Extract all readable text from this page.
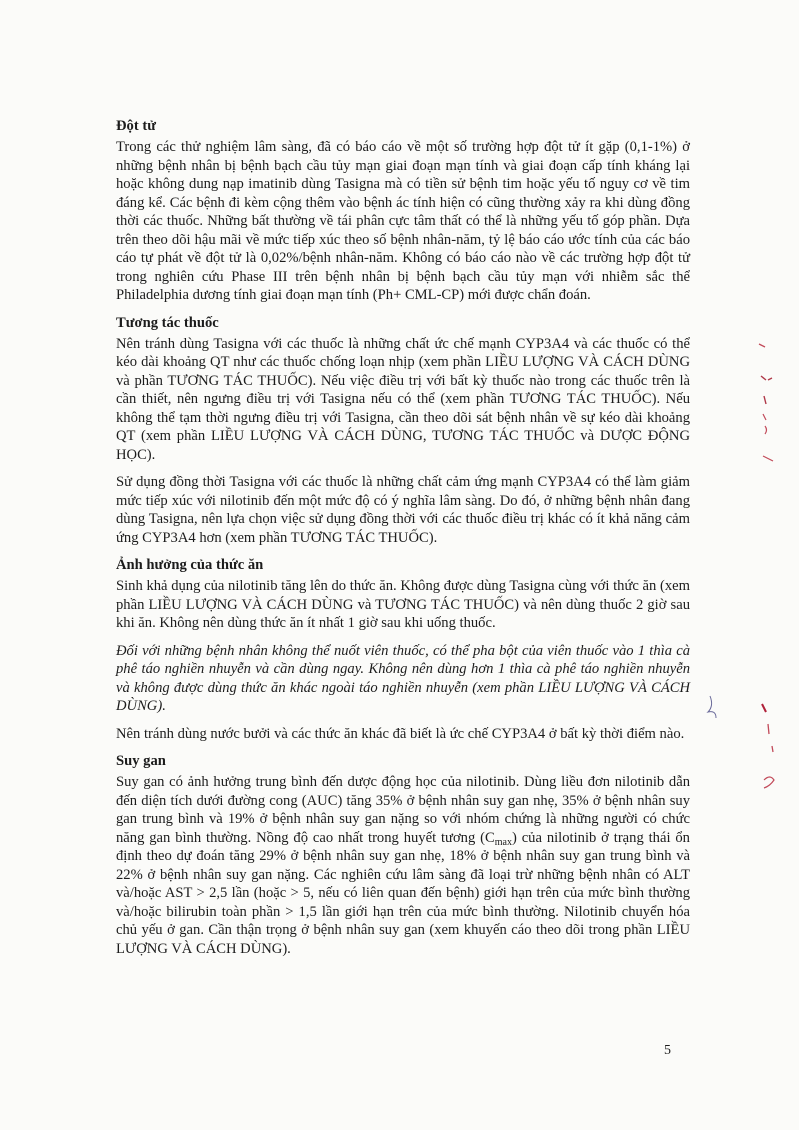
Đột tử

Trong các thử nghiệm lâm sàng, đã có báo cáo về một số trường hợp đột tử ít gặp (0,1-1%) ở những bệnh nhân bị bệnh bạch cầu tủy mạn giai đoạn mạn tính và giai đoạn cấp tính kháng lại hoặc không dung nạp imatinib dùng Tasigna mà có tiền sử bệnh tim hoặc yếu tố nguy cơ về tim đáng kể. Các bệnh đi kèm cộng thêm vào bệnh ác tính hiện có cũng thường xảy ra khi dùng đồng thời các thuốc. Những bất thường về tái phân cực tâm thất có thể là những yếu tố góp phần. Dựa trên theo dõi hậu mãi về mức tiếp xúc theo số bệnh nhân-năm, tỷ lệ báo cáo ước tính của các báo cáo tự phát về đột tử là 0,02%/bệnh nhân-năm. Không có báo cáo nào về các trường hợp đột tử trong nghiên cứu Phase III trên bệnh nhân bị bệnh bạch cầu tủy mạn với nhiễm sắc thể Philadelphia dương tính giai đoạn mạn tính (Ph+ CML-CP) mới được chẩn đoán.

Tương tác thuốc

Nên tránh dùng Tasigna với các thuốc là những chất ức chế mạnh CYP3A4 và các thuốc có thể kéo dài khoảng QT như các thuốc chống loạn nhịp (xem phần LIỀU LƯỢNG VÀ CÁCH DÙNG và phần TƯƠNG TÁC THUỐC). Nếu việc điều trị với bất kỳ thuốc nào trong các thuốc trên là cần thiết, nên ngưng điều trị với Tasigna nếu có thể (xem phần TƯƠNG TÁC THUỐC). Nếu không thể tạm thời ngưng điều trị với Tasigna, cần theo dõi sát bệnh nhân về sự kéo dài khoảng QT (xem phần LIỀU LƯỢNG VÀ CÁCH DÙNG, TƯƠNG TÁC THUỐC và DƯỢC ĐỘNG HỌC).

Sử dụng đồng thời Tasigna với các thuốc là những chất cảm ứng mạnh CYP3A4 có thể làm giảm mức tiếp xúc với nilotinib đến một mức độ có ý nghĩa lâm sàng. Do đó, ở những bệnh nhân đang dùng Tasigna, nên lựa chọn việc sử dụng đồng thời với các thuốc điều trị khác có ít khả năng cảm ứng CYP3A4 hơn (xem phần TƯƠNG TÁC THUỐC).

Ảnh hưởng của thức ăn

Sinh khả dụng của nilotinib tăng lên do thức ăn. Không được dùng Tasigna cùng với thức ăn (xem phần LIỀU LƯỢNG VÀ CÁCH DÙNG và TƯƠNG TÁC THUỐC) và nên dùng thuốc 2 giờ sau khi ăn. Không nên dùng thức ăn ít nhất 1 giờ sau khi uống thuốc.

Đối với những bệnh nhân không thể nuốt viên thuốc, có thể pha bột của viên thuốc vào 1 thìa cà phê táo nghiền nhuyễn và cần dùng ngay. Không nên dùng hơn 1 thìa cà phê táo nghiền nhuyễn và không được dùng thức ăn khác ngoài táo nghiền nhuyễn (xem phần LIỀU LƯỢNG VÀ CÁCH DÙNG).

Nên tránh dùng nước bưởi và các thức ăn khác đã biết là ức chế CYP3A4 ở bất kỳ thời điểm nào.

Suy gan

Suy gan có ảnh hưởng trung bình đến dược động học của nilotinib. Dùng liều đơn nilotinib dẫn đến diện tích dưới đường cong (AUC) tăng 35% ở bệnh nhân suy gan nhẹ, 35% ở bệnh nhân suy gan trung bình và 19% ở bệnh nhân suy gan nặng so với nhóm chứng là những người có chức năng gan bình thường. Nồng độ cao nhất trong huyết tương $(C_{max})$ của nilotinib ở trạng thái ổn định theo dự đoán tăng 29% ở bệnh nhân suy gan nhẹ, 18% ở bệnh nhân suy gan trung bình và 22% ở bệnh nhân suy gan nặng. Các nghiên cứu lâm sàng đã loại trừ những bệnh nhân có ALT và/hoặc AST > 2,5 lần (hoặc > 5, nếu có liên quan đến bệnh) giới hạn trên của mức bình thường và/hoặc bilirubin toàn phần > 1,5 lần giới hạn trên của mức bình thường. Nilotinib chuyển hóa chủ yếu ở gan. Cần thận trọng ở bệnh nhân suy gan (xem khuyến cáo theo dõi trong phần LIỀU LƯỢNG VÀ CÁCH DÙNG).

5
